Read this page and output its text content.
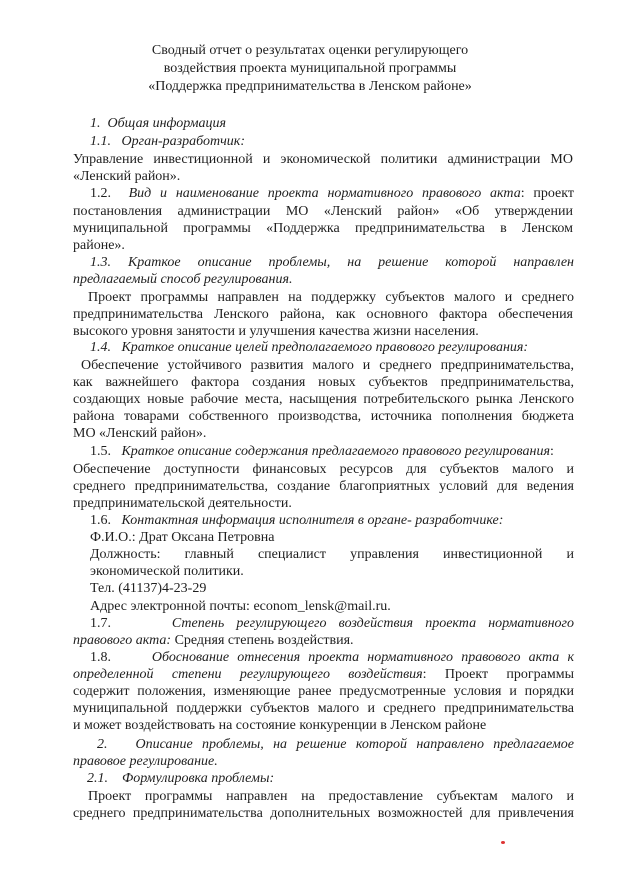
Сводный отчет о результатах оценки регулирующего
воздействия проекта муниципальной программы
«Поддержка предпринимательства в Ленском районе»
1. Общая информация
1.1. Орган-разработчик:
Управление инвестиционной и экономической политики администрации МО
«Ленский район».
1.2. Вид и наименование проекта нормативного правового акта: проект
постановления администрации МО «Ленский район» «Об утверждении
муниципальной программы «Поддержка предпринимательства в Ленском
районе».
1.3. Краткое описание проблемы, на решение которой направлен
предлагаемый способ регулирования.
Проект программы направлен на поддержку субъектов малого и среднего
предпринимательства Ленского района, как основного фактора обеспечения
высокого уровня занятости и улучшения качества жизни населения.
1.4. Краткое описание целей предполагаемого правового регулирования:
Обеспечение устойчивого развития малого и среднего предпринимательства,
как важнейшего фактора создания новых субъектов предпринимательства,
создающих новые рабочие места, насыщения потребительского рынка Ленского
района товарами собственного производства, источника пополнения бюджета
МО «Ленский район».
1.5. Краткое описание содержания предлагаемого правового регулирования:
Обеспечение доступности финансовых ресурсов для субъектов малого и
среднего предпринимательства, создание благоприятных условий для ведения
предпринимательской деятельности.
1.6. Контактная информация исполнителя в органе- разработчике:
Ф.И.О.: Драт Оксана Петровна
Должность: главный специалист управления инвестиционной и
экономической политики.
Тел. (41137)4-23-29
Адрес электронной почты: econom_lensk@mail.ru.
1.7.	Степень регулирующего воздействия проекта нормативного
правового акта: Средняя степень воздействия.
1.8.	Обоснование отнесения проекта нормативного правового акта к
определенной степени регулирующего воздействия: Проект программы
содержит положения, изменяющие ранее предусмотренные условия и порядки
муниципальной поддержки субъектов малого и среднего предпринимательства
и может воздействовать на состояние конкуренции в Ленском районе
2. Описание проблемы, на решение которой направлено предлагаемое
правовое регулирование.
2.1. Формулировка проблемы:
Проект программы направлен на предоставление субъектам малого и
среднего предпринимательства дополнительных возможностей для привлечения
